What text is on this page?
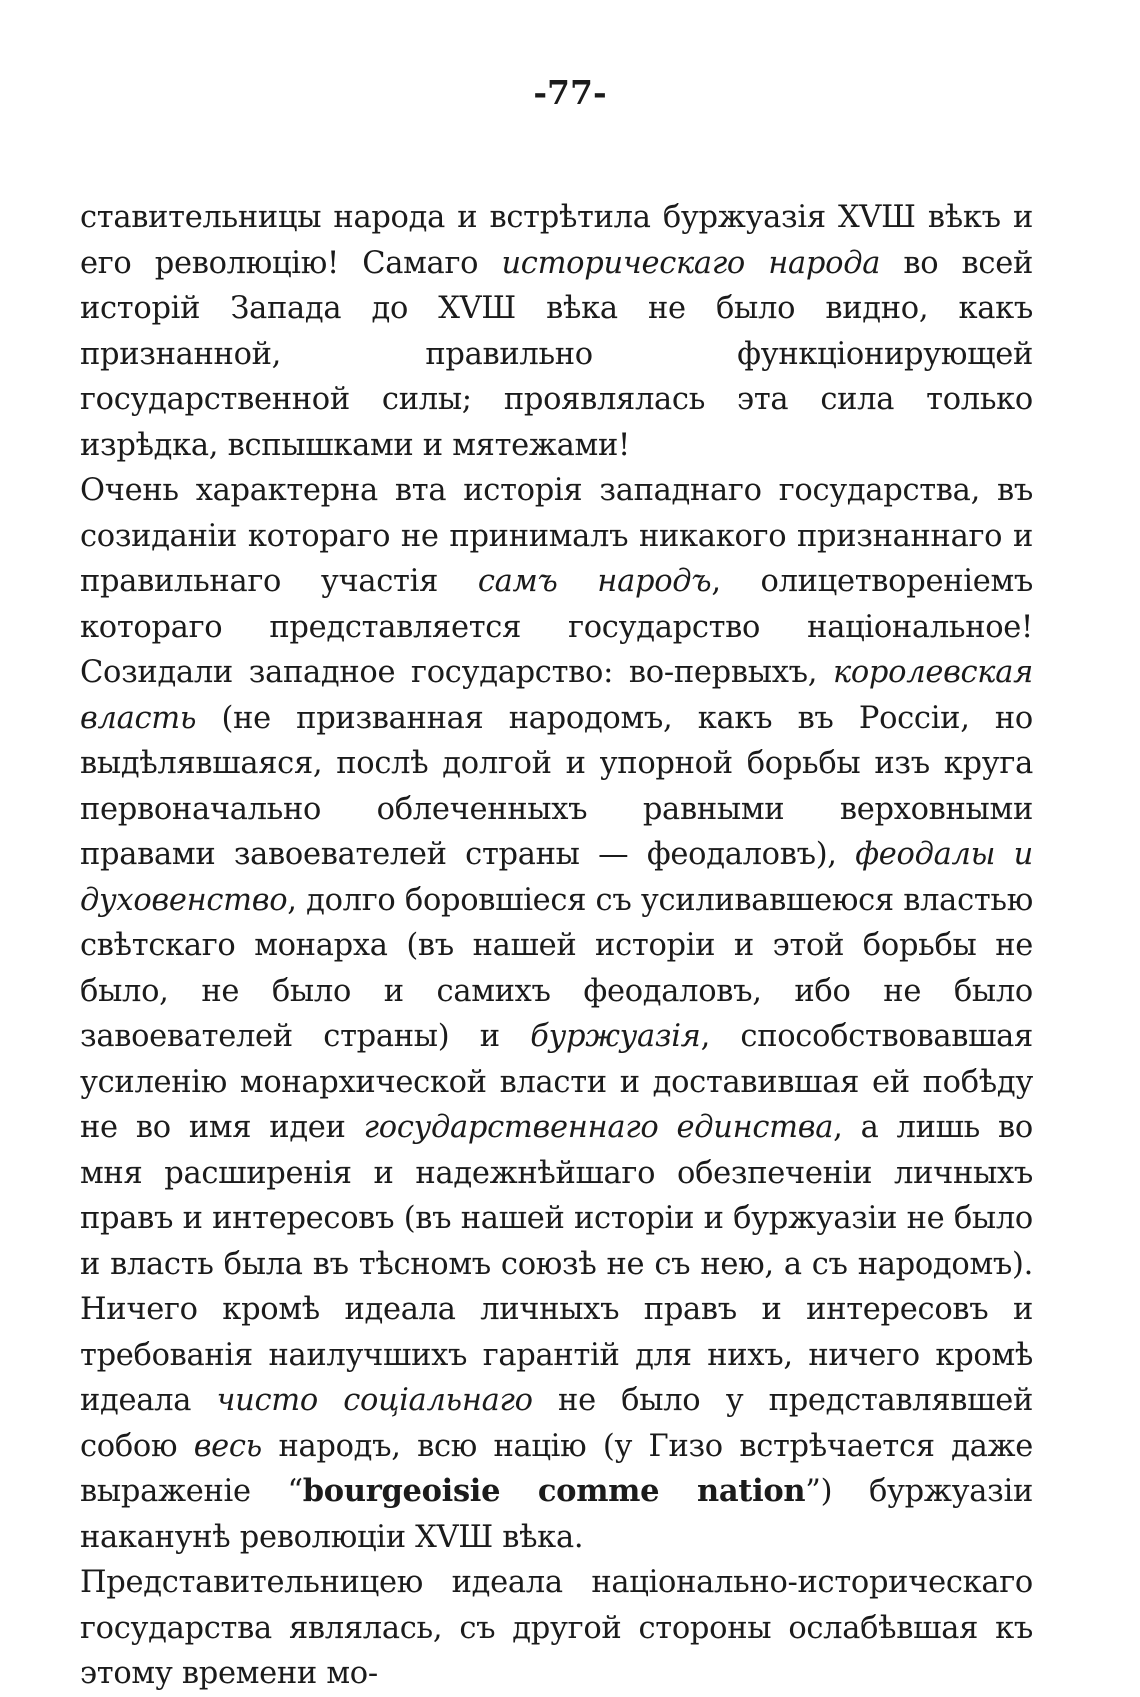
-77-

ставительницы народа и встрѣтила буржуазія XVШ вѣкъ и его революцію! Самаго историческаго народа во всей исторій Запада до XVШ вѣка не было видно, какъ признанной, правильно функціонирующей государственной силы; проявлялась эта сила только изрѣдка, вспышками и мятежами!

Очень характерна вта исторія западнаго государства, въ созиданіи котораго не принималъ никакого признаннаго и правильнаго участія самъ народъ, олицетвореніемъ котораго представляется государство національное! Созидали западное государство: во-первыхъ, королевская власть (не призванная народомъ, какъ въ Россіи, но выдѣлявшаяся, послѣ долгой и упорной борьбы изъ круга первоначально облеченныхъ равными верховными правами завоевателей страны — феодаловъ), феодалы и духовенство, долго боровшіеся съ усиливавшеюся властью свѣтскаго монарха (въ нашей исторіи и этой борьбы не было, не было и самихъ феодаловъ, ибо не было завоевателей страны) и буржуазія, способствовавшая усиленію монархической власти и доставившая ей побѣду не во имя идеи государственнаго единства, а лишь во мня расширенія и надежнѣйшаго обезпеченіи личныхъ правъ и интересовъ (въ нашей исторіи и буржуазіи не было и власть была въ тѣсномъ союзѣ не съ нею, а съ народомъ). Ничего кромѣ идеала личныхъ правъ и интересовъ и требованія наилучшихъ гарантій для нихъ, ничего кромѣ идеала чисто соціальнаго не было у представлявшей собою весь народъ, всю націю (у Гизо встрѣчается даже выраженіе “bourgeoisie comme nation”) буржуазіи наканунѣ революціи XVШ вѣка.

Представительницею идеала національно-историческаго государства являлась, съ другой стороны ослабѣвшая къ этому времени мо-
